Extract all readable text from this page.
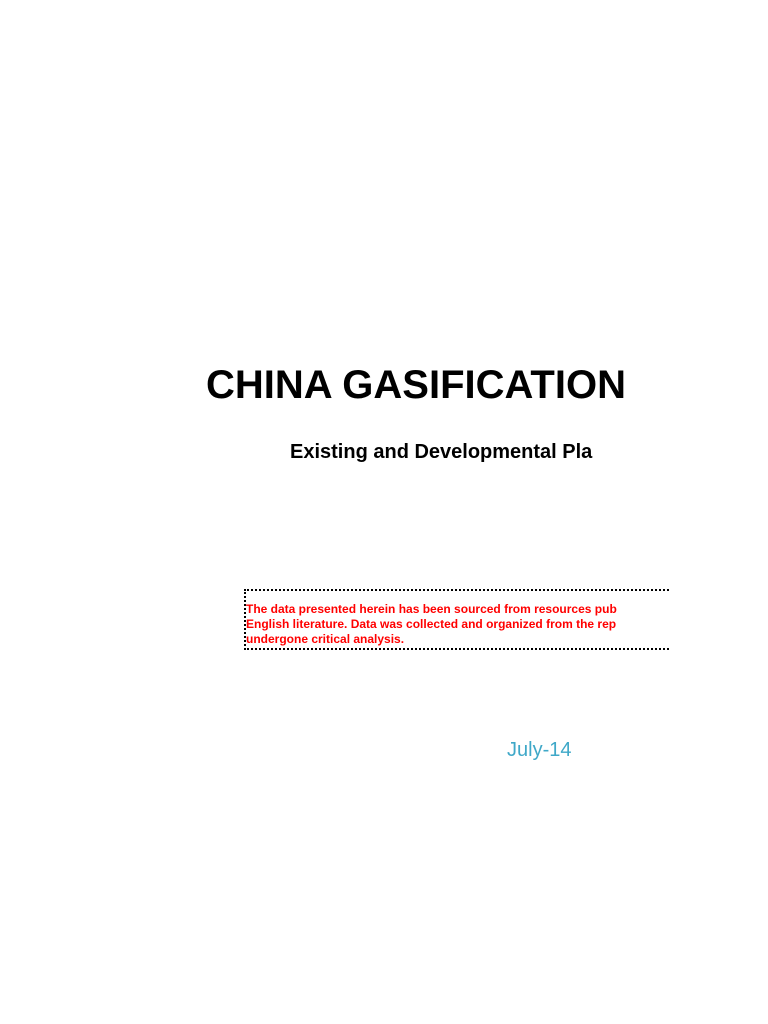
CHINA GASIFICATION
Existing and Developmental Pla
The data presented herein has been sourced from resources pub
English literature. Data was collected and organized from the rep
undergone critical analysis.
July-14
